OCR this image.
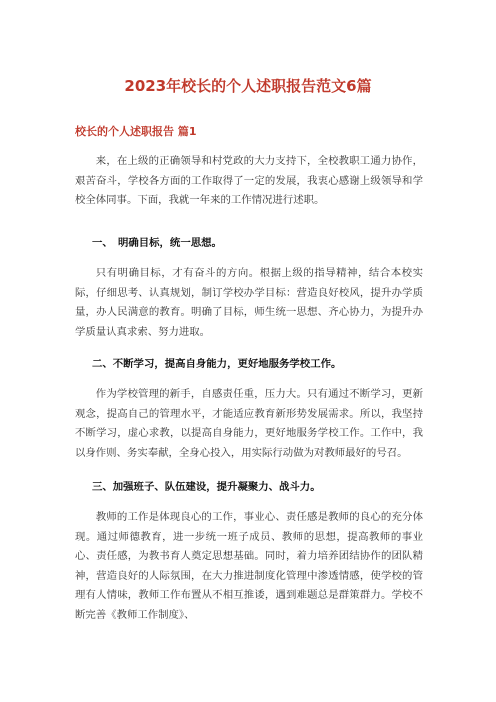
2023年校长的个人述职报告范文6篇
校长的个人述职报告 篇1

来，在上级的正确领导和村党政的大力支持下，全校教职工通力协作，艰苦奋斗，学校各方面的工作取得了一定的发展，我衷心感谢上级领导和学校全体同事。下面，我就一年来的工作情况进行述职。

一、　明确目标，统一思想。

只有明确目标，才有奋斗的方向。根据上级的指导精神，结合本校实际，仔细思考、认真规划，制订学校办学目标：营造良好校风，提升办学质量，办人民满意的教育。明确了目标，师生统一思想、齐心协力，为提升办学质量认真求索、努力进取。

二、不断学习，提高自身能力，更好地服务学校工作。

作为学校管理的新手，自感责任重，压力大。只有通过不断学习，更新观念，提高自己的管理水平，才能适应教育新形势发展需求。所以，我坚持不断学习，虚心求教，以提高自身能力，更好地服务学校工作。工作中，我以身作则、务实奉献，全身心投入，用实际行动做为对教师最好的号召。

三、加强班子、队伍建设，提升凝聚力、战斗力。

教师的工作是体现良心的工作，事业心、责任感是教师的良心的充分体现。通过师德教育，进一步统一班子成员、教师的思想，提高教师的事业心、责任感，为教书育人奠定思想基础。同时，着力培养团结协作的团队精神，营造良好的人际氛围，在大力推进制度化管理中渗透情感，使学校的管理有人情味，教师工作布置从不相互推诿，遇到难题总是群策群力。学校不断完善《教师工作制度》、
